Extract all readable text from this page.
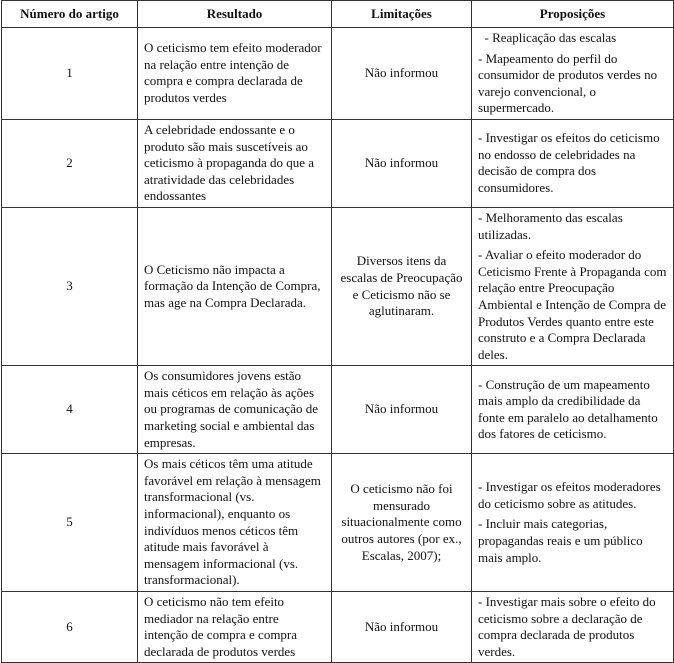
Número do artigo	Resultado	Limitações	Proposições
1	O ceticismo tem efeito moderador na relação entre intenção de compra e compra declarada de produtos verdes	Não informou	- Reaplicação das escalas

- Mapeamento do perfil do consumidor de produtos verdes no varejo convencional, o supermercado.

2	A celebridade endossante e o produto são mais suscetíveis ao ceticismo à propaganda do que a atratividade das celebridades endossantes	Não informou	- Investigar os efeitos do ceticismo no endosso de celebridades na decisão de compra dos consumidores.

3	O Ceticismo não impacta a formação da Intenção de Compra, mas age na Compra Declarada.	Diversos itens da escalas de Preocupação e Ceticismo não se aglutinaram.	- Melhoramento das escalas utilizadas.

- Avaliar o efeito moderador do Ceticismo Frente à Propaganda com relação entre Preocupação Ambiental e Intenção de Compra de Produtos Verdes quanto entre este construto e a Compra Declarada deles.

4	Os consumidores jovens estão mais céticos em relação às ações ou programas de comunicação de marketing social e ambiental das empresas.	Não informou	- Construção de um mapeamento mais amplo da credibilidade da fonte em paralelo ao detalhamento dos fatores de ceticismo.

5	Os mais céticos têm uma atitude favorável em relação à mensagem transformacional (vs. informacional), enquanto os indivíduos menos céticos têm atitude mais favorável à mensagem informacional (vs. transformacional).	O ceticismo não foi mensurado situacionalmente como outros autores (por ex., Escalas, 2007);	- Investigar os efeitos moderadores do ceticismo sobre as atitudes.

- Incluir mais categorias, propagandas reais e um público mais amplo.

6	O ceticismo não tem efeito mediador na relação entre intenção de compra e compra declarada de produtos verdes	Não informou	- Investigar mais sobre o efeito do ceticismo sobre a declaração de compra declarada de produtos verdes.
